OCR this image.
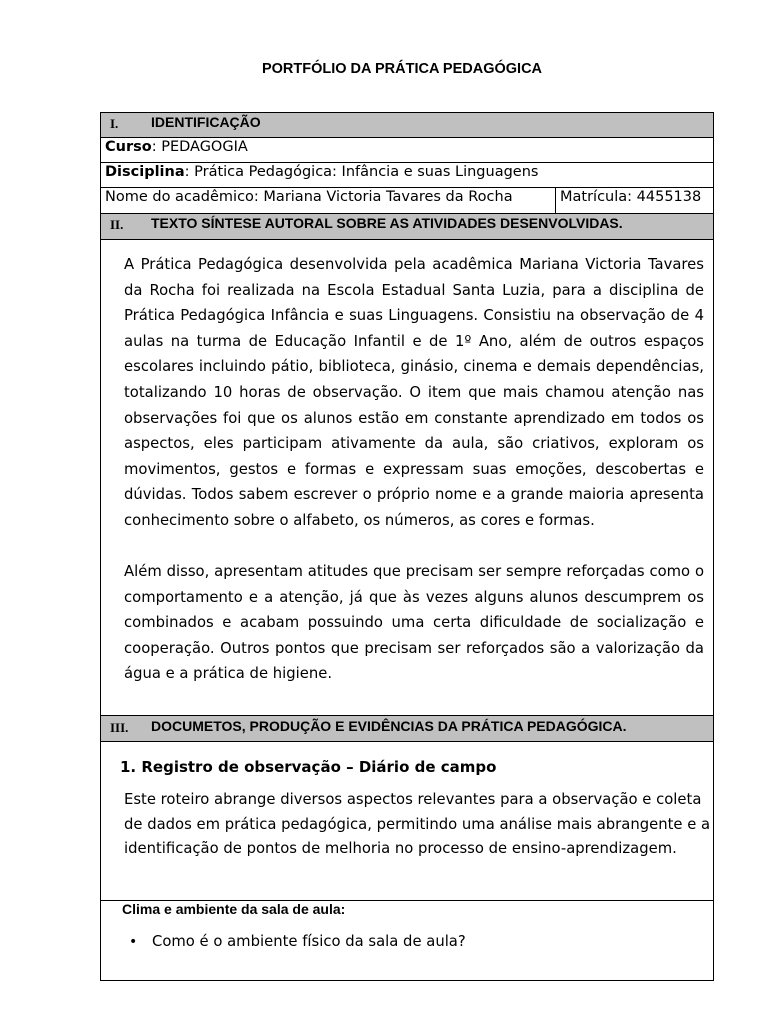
PORTFÓLIO DA PRÁTICA PEDAGÓGICA
I. IDENTIFICAÇÃO
Curso: PEDAGOGIA
Disciplina: Prática Pedagógica: Infância e suas Linguagens
Nome do acadêmico: Mariana Victoria Tavares da Rocha	Matrícula: 4455138
II. TEXTO SÍNTESE AUTORAL SOBRE AS ATIVIDADES DESENVOLVIDAS.

A Prática Pedagógica desenvolvida pela acadêmica Mariana Victoria Tavares da Rocha foi realizada na Escola Estadual Santa Luzia, para a disciplina de Prática Pedagógica Infância e suas Linguagens. Consistiu na observação de 4 aulas na turma de Educação Infantil e de 1º Ano, além de outros espaços escolares incluindo pátio, biblioteca, ginásio, cinema e demais dependências, totalizando 10 horas de observação. O item que mais chamou atenção nas observações foi que os alunos estão em constante aprendizado em todos os aspectos, eles participam ativamente da aula, são criativos, exploram os movimentos, gestos e formas e expressam suas emoções, descobertas e dúvidas. Todos sabem escrever o próprio nome e a grande maioria apresenta conhecimento sobre o alfabeto, os números, as cores e formas.

Além disso, apresentam atitudes que precisam ser sempre reforçadas como o comportamento e a atenção, já que às vezes alguns alunos descumprem os combinados e acabam possuindo uma certa dificuldade de socialização e cooperação. Outros pontos que precisam ser reforçados são a valorização da água e a prática de higiene.

III. DOCUMETOS, PRODUÇÃO E EVIDÊNCIAS DA PRÁTICA PEDAGÓGICA.
1. Registro de observação – Diário de campo

Este roteiro abrange diversos aspectos relevantes para a observação e coleta de dados em prática pedagógica, permitindo uma análise mais abrangente e a identificação de pontos de melhoria no processo de ensino-aprendizagem.

Clima e ambiente da sala de aula:
• Como é o ambiente físico da sala de aula?
